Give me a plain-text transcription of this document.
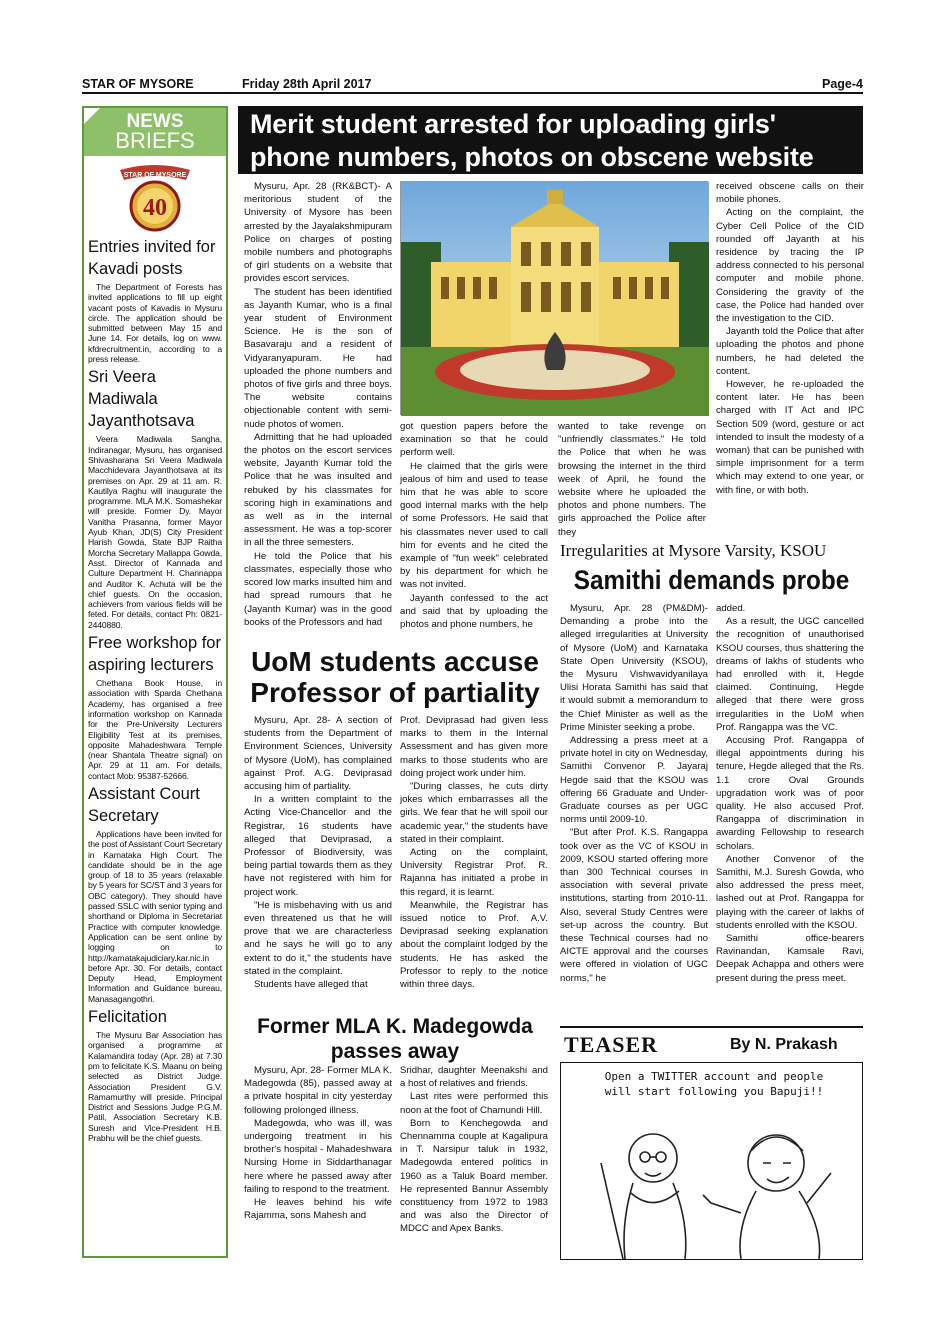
STAR OF MYSORE	Friday 28th April 2017	Page-4
NEWS
BRIEFS
STAR OF MYSORE
40
Entries invited for Kavadi posts
The Department of Forests has invited applications to fill up eight vacant posts of Kavadis in Mysuru circle. The application should be submitted between May 15 and June 14. For details, log on www. kfdrecruitment.in, according to a press release.
Sri Veera Madiwala Jayanthotsava
Veera Madiwala Sangha, Indiranagar, Mysuru, has organised Shivasharana Sri Veera Madiwala Macchidevara Jayanthotsava at its premises on Apr. 29 at 11 am. R. Kautilya Raghu will inaugurate the programme. MLA M.K. Somashekar will preside. Former Dy. Mayor Vanitha Prasanna, former Mayor Ayub Khan, JD(S) City President Harish Gowda, State BJP Raitha Morcha Secretary Mallappa Gowda, Asst. Director of Kannada and Culture Department H. Channappa and Auditor K. Achuta will be the chief guests. On the occasion, achievers from various fields will be feted. For details, contact Ph: 0821-2440880.
Free workshop for aspiring lecturers
Chethana Book House, in association with Sparda Chethana Academy, has organised a free information workshop on Kannada for the Pre-University Lecturers Eligibility Test at its premises, opposite Mahadeshwara Temple (near Shantala Theatre signal) on Apr. 29 at 11 am. For details, contact Mob: 95387-52666.
Assistant Court Secretary
Applications have been invited for the post of Assistant Court Secretary in Karnataka High Court. The candidate should be in the age group of 18 to 35 years (relaxable by 5 years for SC/ST and 3 years for OBC category). They should have passed SSLC with senior typing and shorthand or Diploma in Secretariat Practice with computer knowledge. Application can be sent online by logging on to http://karnatakajudiciary.kar.nic.in before Apr. 30. For details, contact Deputy Head, Employment Information and Guidance bureau, Manasagangothri.
Felicitation
The Mysuru Bar Association has organised a programme at Kalamandira today (Apr. 28) at 7.30 pm to felicitate K.S. Maanu on being selected as District Judge. Association President G.V. Ramamurthy will preside. Principal District and Sessions Judge P.G.M. Patil, Association Secretary K.B. Suresh and Vice-President H.B. Prabhu will be the chief guests.
Merit student arrested for uploading girls' phone numbers, photos on obscene website

Mysuru, Apr. 28 (RK&BCT)- A meritorious student of the University of Mysore has been arrested by the Jayalakshmipuram Police on charges of posting mobile numbers and photographs of girl students on a website that provides escort services.

The student has been identified as Jayanth Kumar, who is a final year student of Environment Science. He is the son of Basavaraju and a resident of Vidyaranyapuram. He had uploaded the phone numbers and photos of five girls and three boys. The website contains objectionable content with semi-nude photos of women.

Admitting that he had uploaded the photos on the escort services website, Jayanth Kumar told the Police that he was insulted and rebuked by his classmates for scoring high in examinations and as well as in the internal assessment. He was a top-scorer in all the three semesters.

He told the Police that his classmates, especially those who scored low marks insulted him and had spread rumours that he (Jayanth Kumar) was in the good books of the Professors and had

got question papers before the examination so that he could perform well.

He claimed that the girls were jealous of him and used to tease him that he was able to score good internal marks with the help of some Professors. He said that his classmates never used to call him for events and he cited the example of "fun week" celebrated by his department for which he was not invited.

Jayanth confessed to the act and said that by uploading the photos and phone numbers, he

wanted to take revenge on "unfriendly classmates." He told the Police that when he was browsing the internet in the third week of April, he found the website where he uploaded the photos and phone numbers. The girls approached the Police after they

received obscene calls on their mobile phones.

Acting on the complaint, the Cyber Cell Police of the CID rounded off Jayanth at his residence by tracing the IP address connected to his personal computer and mobile phone. Considering the gravity of the case, the Police had handed over the investigation to the CID.

Jayanth told the Police that after uploading the photos and phone numbers, he had deleted the content.

However, he re-uploaded the content later. He has been charged with IT Act and IPC Section 509 (word, gesture or act intended to insult the modesty of a woman) that can be punished with simple imprisonment for a term which may extend to one year, or with fine, or with both.

UoM students accuse Professor of partiality

Mysuru, Apr. 28- A section of students from the Department of Environment Sciences, University of Mysore (UoM), has complained against Prof. A.G. Deviprasad accusing him of partiality.

In a written complaint to the Acting Vice-Chancellor and the Registrar, 16 students have alleged that Deviprasad, a Professor of Biodiversity, was being partial towards them as they have not registered with him for project work.

"He is misbehaving with us and even threatened us that he will prove that we are characterless and he says he will go to any extent to do it," the students have stated in the complaint.

Students have alleged that

Prof. Deviprasad had given less marks to them in the Internal Assessment and has given more marks to those students who are doing project work under him.

"During classes, he cuts dirty jokes which embarrasses all the girls. We fear that he will spoil our academic year," the students have stated in their complaint.

Acting on the complaint, University Registrar Prof. R. Rajanna has initiated a probe in this regard, it is learnt.

Meanwhile, the Registrar has issued notice to Prof. A.V. Deviprasad seeking explanation about the complaint lodged by the students. He has asked the Professor to reply to the notice within three days.

Irregularities at Mysore Varsity, KSOU
Samithi demands probe

Mysuru, Apr. 28 (PM&DM)- Demanding a probe into the alleged irregularities at University of Mysore (UoM) and Karnataka State Open University (KSOU), the Mysuru Vishwavidyanilaya Ulisi Horata Samithi has said that it would submit a memorandum to the Chief Minister as well as the Prime Minister seeking a probe.

Addressing a press meet at a private hotel in city on Wednesday, Samithi Convenor P. Jayaraj Hegde said that the KSOU was offering 66 Graduate and Under-Graduate courses as per UGC norms until 2009-10.

"But after Prof. K.S. Rangappa took over as the VC of KSOU in 2009, KSOU started offering more than 300 Technical courses in association with several private institutions, starting from 2010-11. Also, several Study Centres were set-up across the country. But these Technical courses had no AICTE approval and the courses were offered in violation of UGC norms," he

added.

As a result, the UGC cancelled the recognition of unauthorised KSOU courses, thus shattering the dreams of lakhs of students who had enrolled with it, Hegde claimed. Continuing, Hegde alleged that there were gross irregularities in the UoM when Prof. Rangappa was the VC.

Accusing Prof. Rangappa of illegal appointments during his tenure, Hegde alleged that the Rs. 1.1 crore Oval Grounds upgradation work was of poor quality. He also accused Prof. Rangappa of discrimination in awarding Fellowship to research scholars.

Another Convenor of the Samithi, M.J. Suresh Gowda, who also addressed the press meet, lashed out at Prof. Rangappa for playing with the career of lakhs of students enrolled with the KSOU.

Samithi office-bearers Ravinandan, Kamsale Ravi, Deepak Achappa and others were present during the press meet.

Former MLA K. Madegowda passes away

Mysuru, Apr. 28- Former MLA K. Madegowda (85), passed away at a private hospital in city yesterday following prolonged illness.

Madegowda, who was ill, was undergoing treatment in his brother's hospital - Mahadeshwara Nursing Home in Siddarthanagar here where he passed away after failing to respond to the treatment.

He leaves behind his wife Rajamma, sons Mahesh and

Sridhar, daughter Meenakshi and a host of relatives and friends.

Last rites were performed this noon at the foot of Chamundi Hill.

Born to Kenchegowda and Chennamma couple at Kagalipura in T. Narsipur taluk in 1932, Madegowda entered politics in 1960 as a Taluk Board member. He represented Bannur Assembly constituency from 1972 to 1983 and was also the Director of MDCC and Apex Banks.

TEASER	By N. Prakash
Open a TWITTER account and people will start following you Bapuji!!
